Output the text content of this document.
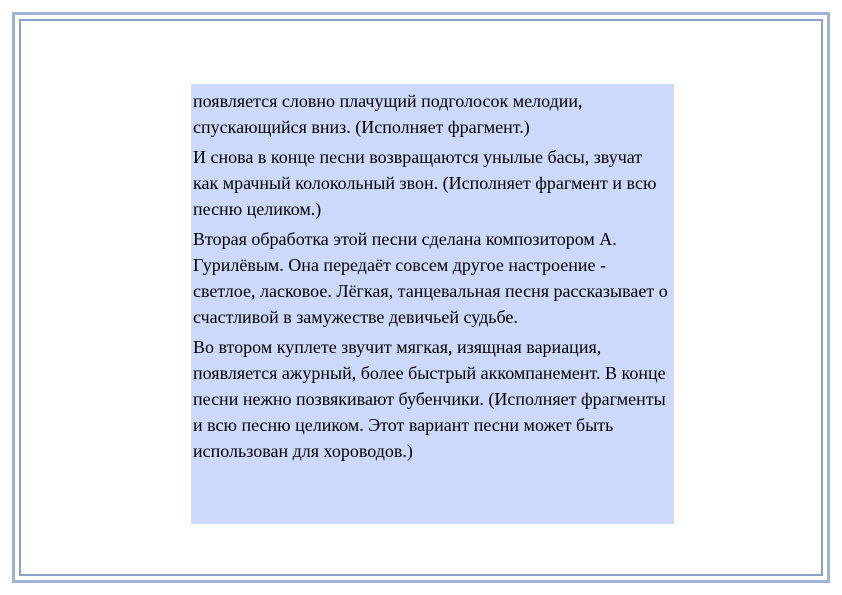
появляется словно плачущий подголосок мелодии, спускающийся вниз. (Исполняет фрагмент.)

И снова в конце песни возвращаются унылые басы, звучат как мрачный колокольный звон. (Исполняет фрагмент и всю песню целиком.)

Вторая обработка этой песни сделана композитором А. Гурилёвым. Она передаёт совсем другое настроение - светлое, ласковое. Лёгкая, танцевальная песня рассказывает о счастливой в замужестве девичьей судьбе.

Во втором куплете звучит мягкая, изящная вариация, появляется ажурный, более быстрый аккомпанемент. В конце песни нежно позвякивают бубенчики. (Исполняет фрагменты и всю песню целиком. Этот вариант песни может быть использован для хороводов.)
